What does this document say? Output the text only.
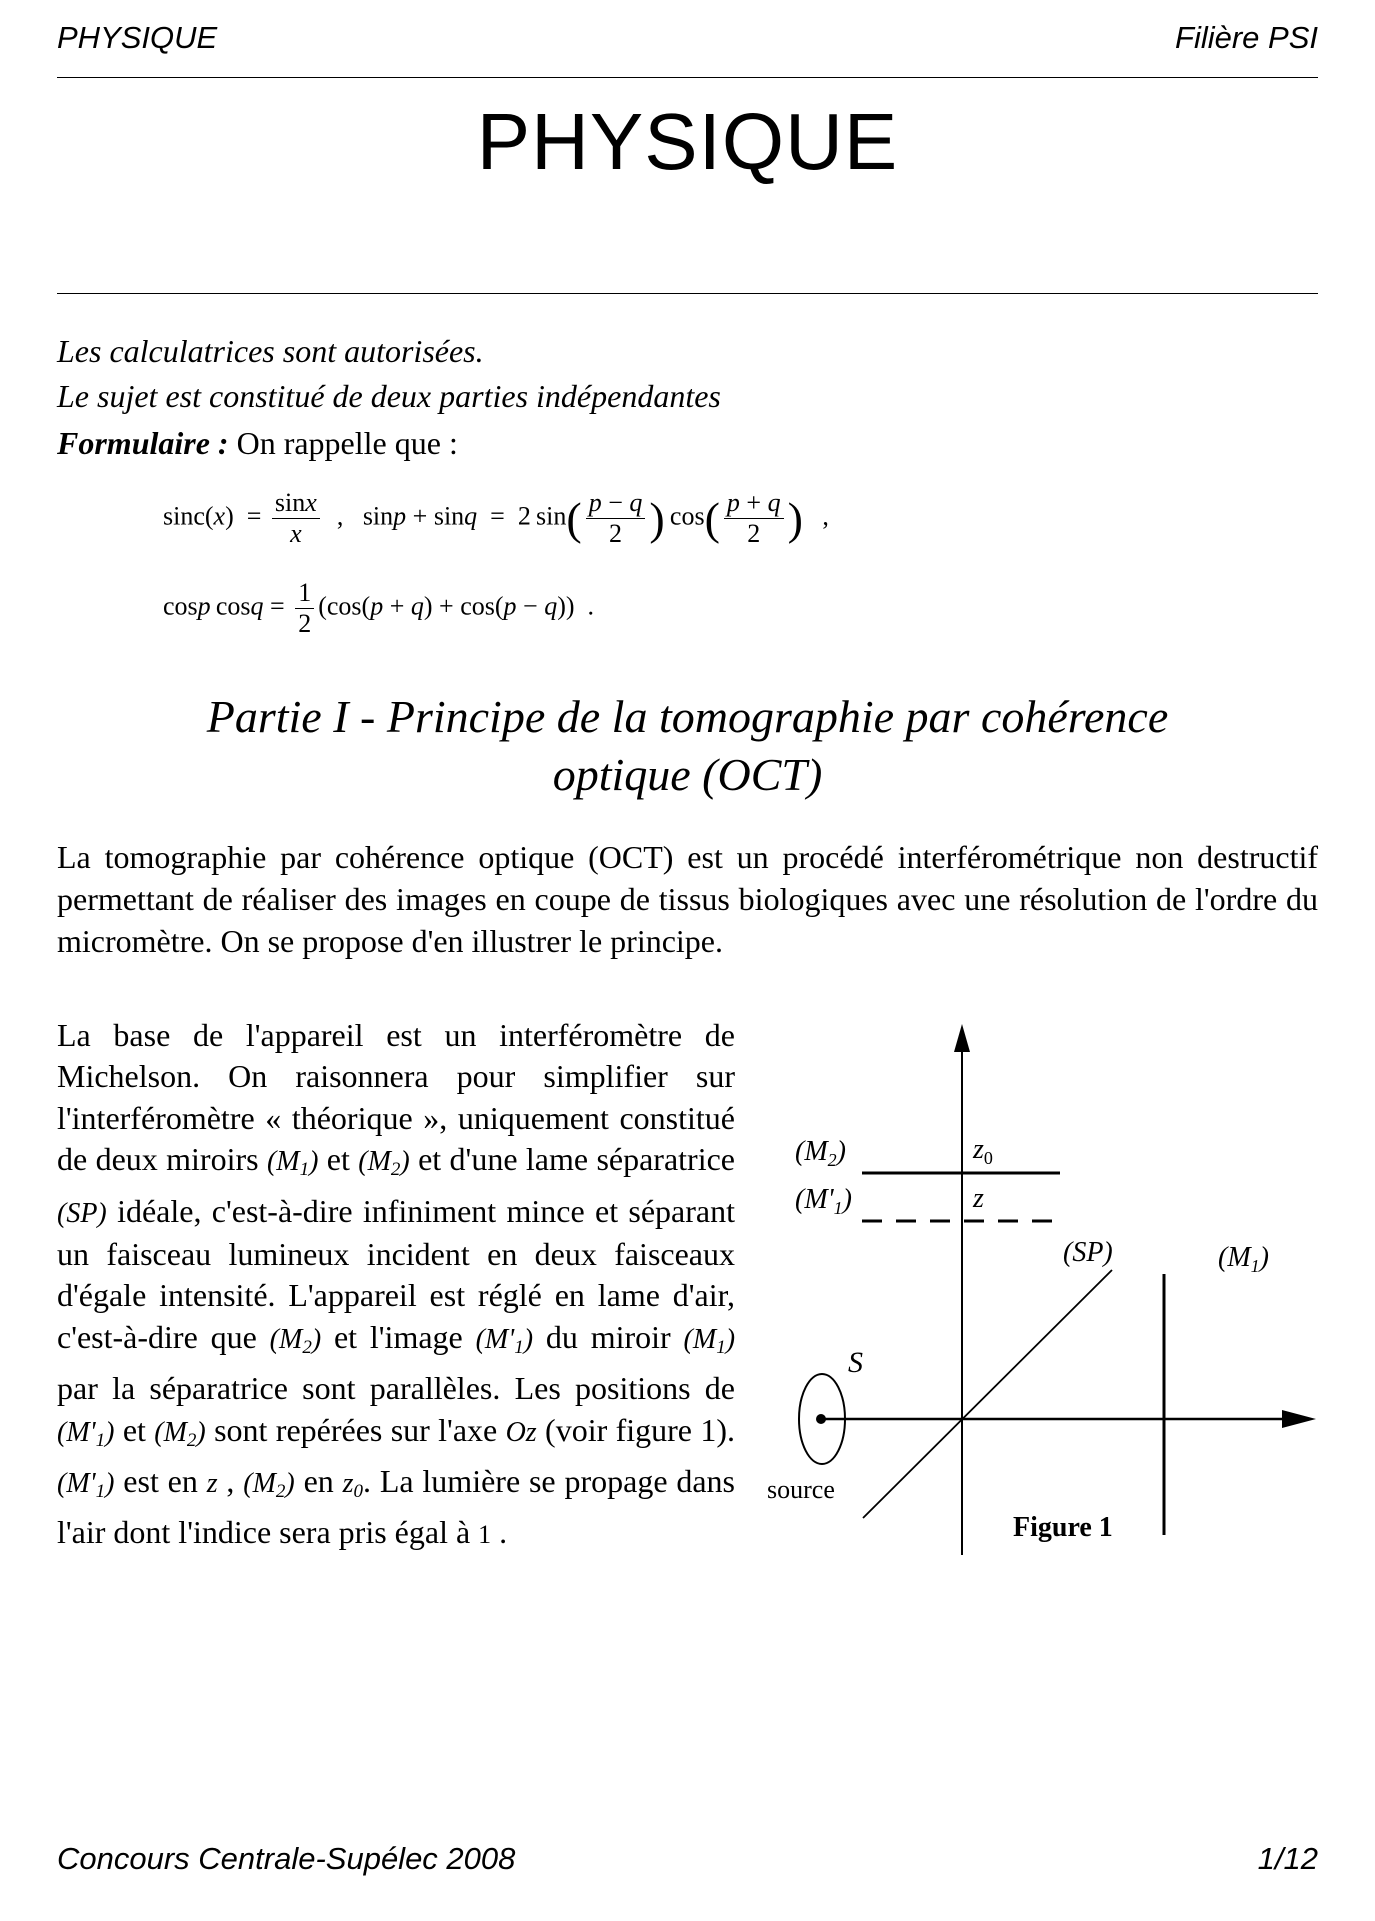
PHYSIQUE	Filière PSI
PHYSIQUE
Les calculatrices sont autorisées.
Le sujet est constitué de deux parties indépendantes
Formulaire : On rappelle que :
$\sin c(x) = \frac{\sin x}{x}$ ,   sinp + sinq  =  2 $\sin( \frac{p - q}{2}$ ) $\cos( \frac{p + q}{2}$ )   ,
cosp $\cos q = \frac{1}{2} (\cos(p + q) + \cos(p - q))$  .
Partie I - Principe de la tomographie par cohérence
optique (OCT)
La tomographie par cohérence optique (OCT) est un procédé interférométrique non destructif permettant de réaliser des images en coupe de tissus biologiques avec une résolution de l'ordre du micromètre. On se propose d'en illustrer le principe.
La base de l'appareil est un interféromètre de Michelson. On raisonnera pour simplifier sur l'interféromètre « théorique », uniquement constitué de deux miroirs $(M_1)$ et $(M_2)$ et d'une lame séparatrice (SP) idéale, c'est-à-dire infiniment mince et séparant un faisceau lumineux incident en deux faisceaux d'égale intensité. L'appareil est réglé en lame d'air, c'est-à-dire que $(M_2)$ et l'image $(M'_1)$ du miroir $(M_1)$ par la séparatrice sont parallèles. Les positions de $(M'_1)$ et $(M_2)$ sont repérées sur l'axe Oz (voir figure 1). $(M'_1)$ est en z , $(M_2)$ en $z_0$. La lumière se propage dans l'air dont l'indice sera pris égal à 1 .
$(M_2)$
$(M'_1)$
$z_0$
z
(SP)	$(M_1)$
S
source
Figure 1
Concours Centrale-Supélec 2008	1/12
